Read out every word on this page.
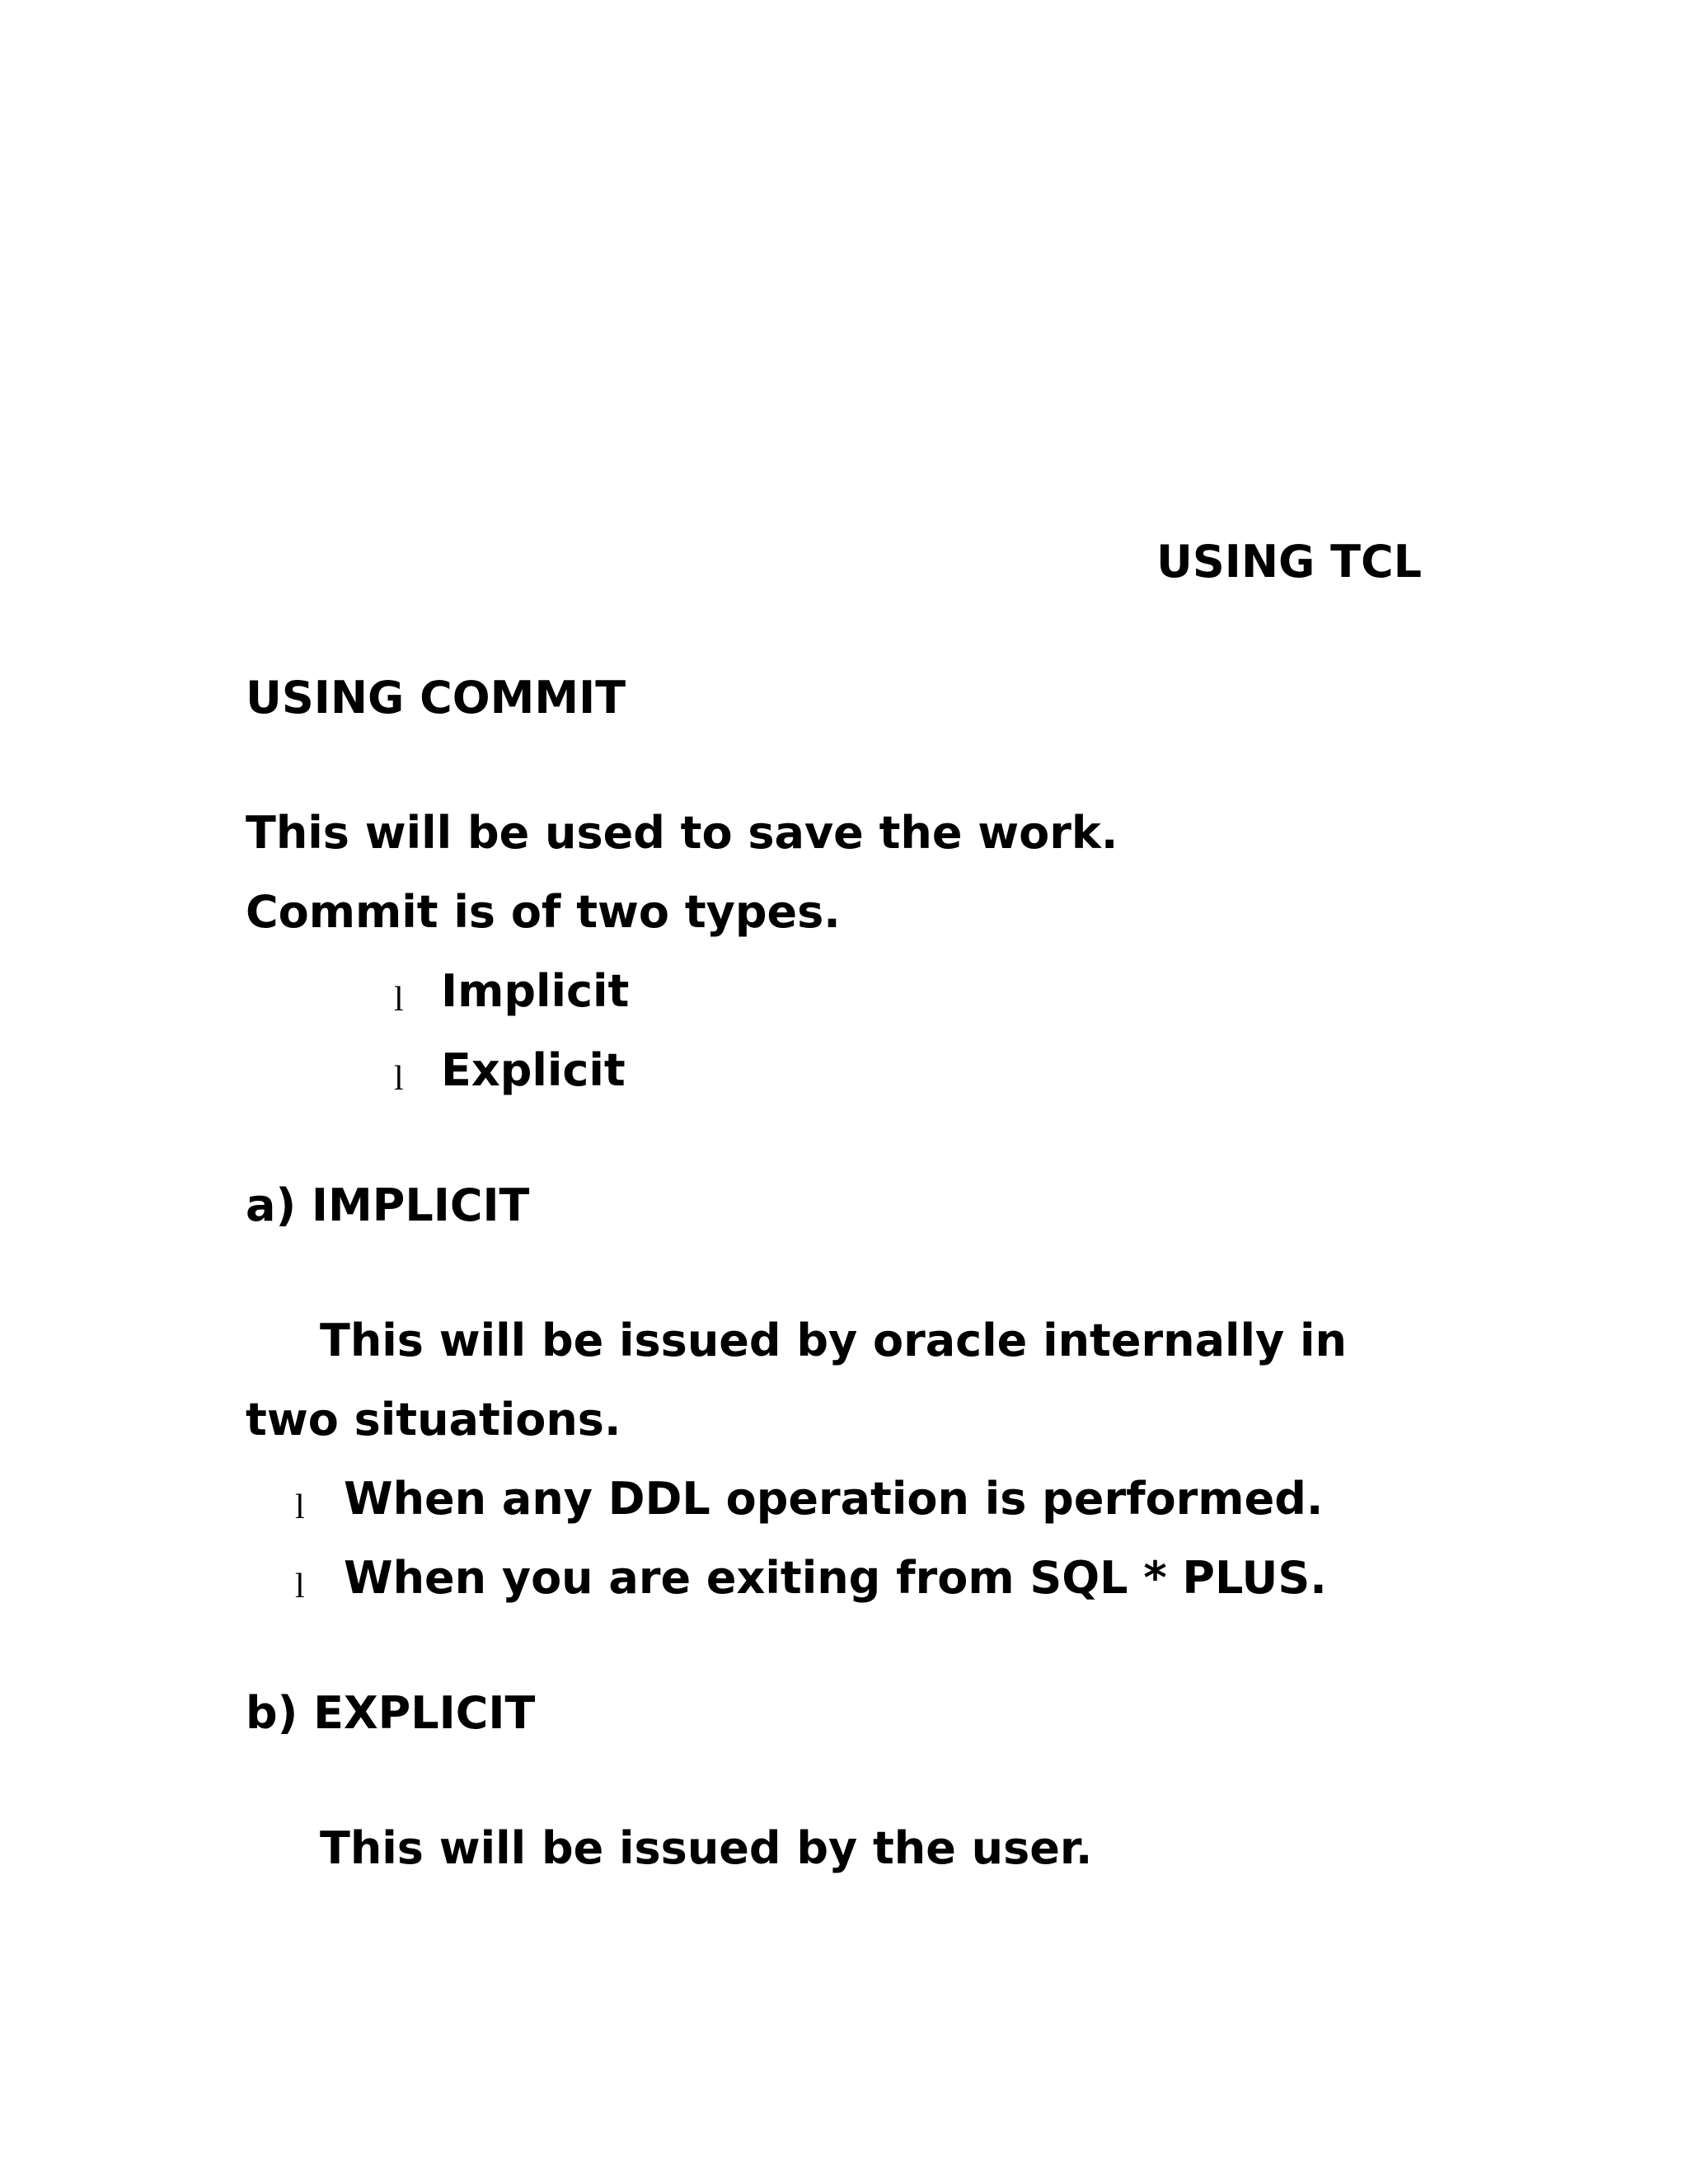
USING TCL
USING COMMIT
This will be used to save the work.
Commit is of two types.
l Implicit
l Explicit
a) IMPLICIT
This will be issued by oracle internally in
two situations.
l When any DDL operation is performed.
l When you are exiting from SQL * PLUS.
b) EXPLICIT
This will be issued by the user.
